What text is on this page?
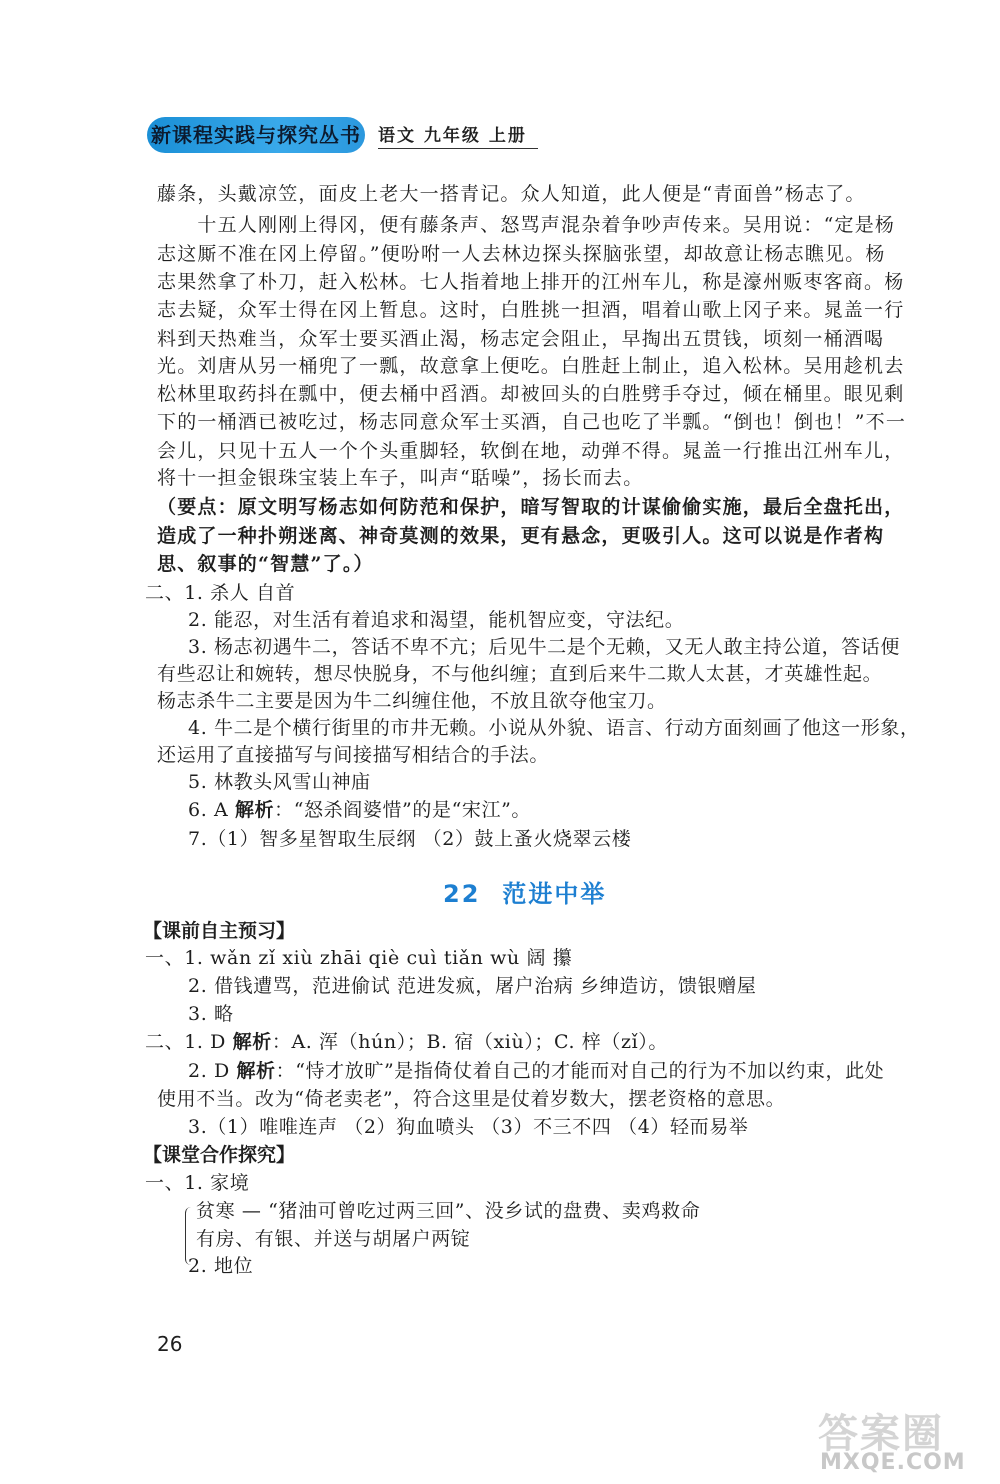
新课程实践与探究丛书 语文 九年级 上册
藤条，头戴凉笠，面皮上老大一搭青记。众人知道，此人便是“青面兽”杨志了。
　　十五人刚刚上得冈，便有藤条声、怒骂声混杂着争吵声传来。吴用说：“定是杨
志这厮不准在冈上停留。”便吩咐一人去林边探头探脑张望，却故意让杨志瞧见。杨
志果然拿了朴刀，赶入松林。七人指着地上排开的江州车儿，称是濠州贩枣客商。杨
志去疑，众军士得在冈上暂息。这时，白胜挑一担酒，唱着山歌上冈子来。晁盖一行
料到天热难当，众军士要买酒止渴，杨志定会阻止，早掏出五贯钱，顷刻一桶酒喝
光。刘唐从另一桶兜了一瓢，故意拿上便吃。白胜赶上制止，追入松林。吴用趁机去
松林里取药抖在瓢中，便去桶中舀酒。却被回头的白胜劈手夺过，倾在桶里。眼见剩
下的一桶酒已被吃过，杨志同意众军士买酒，自己也吃了半瓢。“倒也！倒也！”不一
会儿，只见十五人一个个头重脚轻，软倒在地，动弹不得。晁盖一行推出江州车儿，
将十一担金银珠宝装上车子，叫声“聒噪”，扬长而去。
（要点：原文明写杨志如何防范和保护，暗写智取的计谋偷偷实施，最后全盘托出，
造成了一种扑朔迷离、神奇莫测的效果，更有悬念，更吸引人。这可以说是作者构
思、叙事的“智慧”了。）
二、1. 杀人 自首
2. 能忍，对生活有着追求和渴望，能机智应变，守法纪。
3. 杨志初遇牛二，答话不卑不亢；后见牛二是个无赖，又无人敢主持公道，答话便
有些忍让和婉转，想尽快脱身，不与他纠缠；直到后来牛二欺人太甚，才英雄性起。
杨志杀牛二主要是因为牛二纠缠住他，不放且欲夺他宝刀。
4. 牛二是个横行街里的市井无赖。小说从外貌、语言、行动方面刻画了他这一形象，
还运用了直接描写与间接描写相结合的手法。
5. 林教头风雪山神庙
6. A 解析：“怒杀阎婆惜”的是“宋江”。
7.（1）智多星智取生辰纲 （2）鼓上蚤火烧翠云楼
22 范进中举
【课前自主预习】
一、1. wǎn zǐ xiù zhāi qiè cuì tiǎn wù 阔 攥
2. 借钱遭骂，范进偷试 范进发疯，屠户治病 乡绅造访，馈银赠屋
3. 略
二、1. D 解析：A. 浑（hún）；B. 宿（xiù）；C. 梓（zǐ）。
2. D 解析：“恃才放旷”是指倚仗着自己的才能而对自己的行为不加以约束，此处
使用不当。改为“倚老卖老”，符合这里是仗着岁数大，摆老资格的意思。
3.（1）唯唯连声 （2）狗血喷头 （3）不三不四 （4）轻而易举
【课堂合作探究】
一、1. 家境
贫寒 — “猪油可曾吃过两三回”、没乡试的盘费、卖鸡救命
有房、有银、并送与胡屠户两锭
2. 地位
26
答案圈
MXQE.COM
